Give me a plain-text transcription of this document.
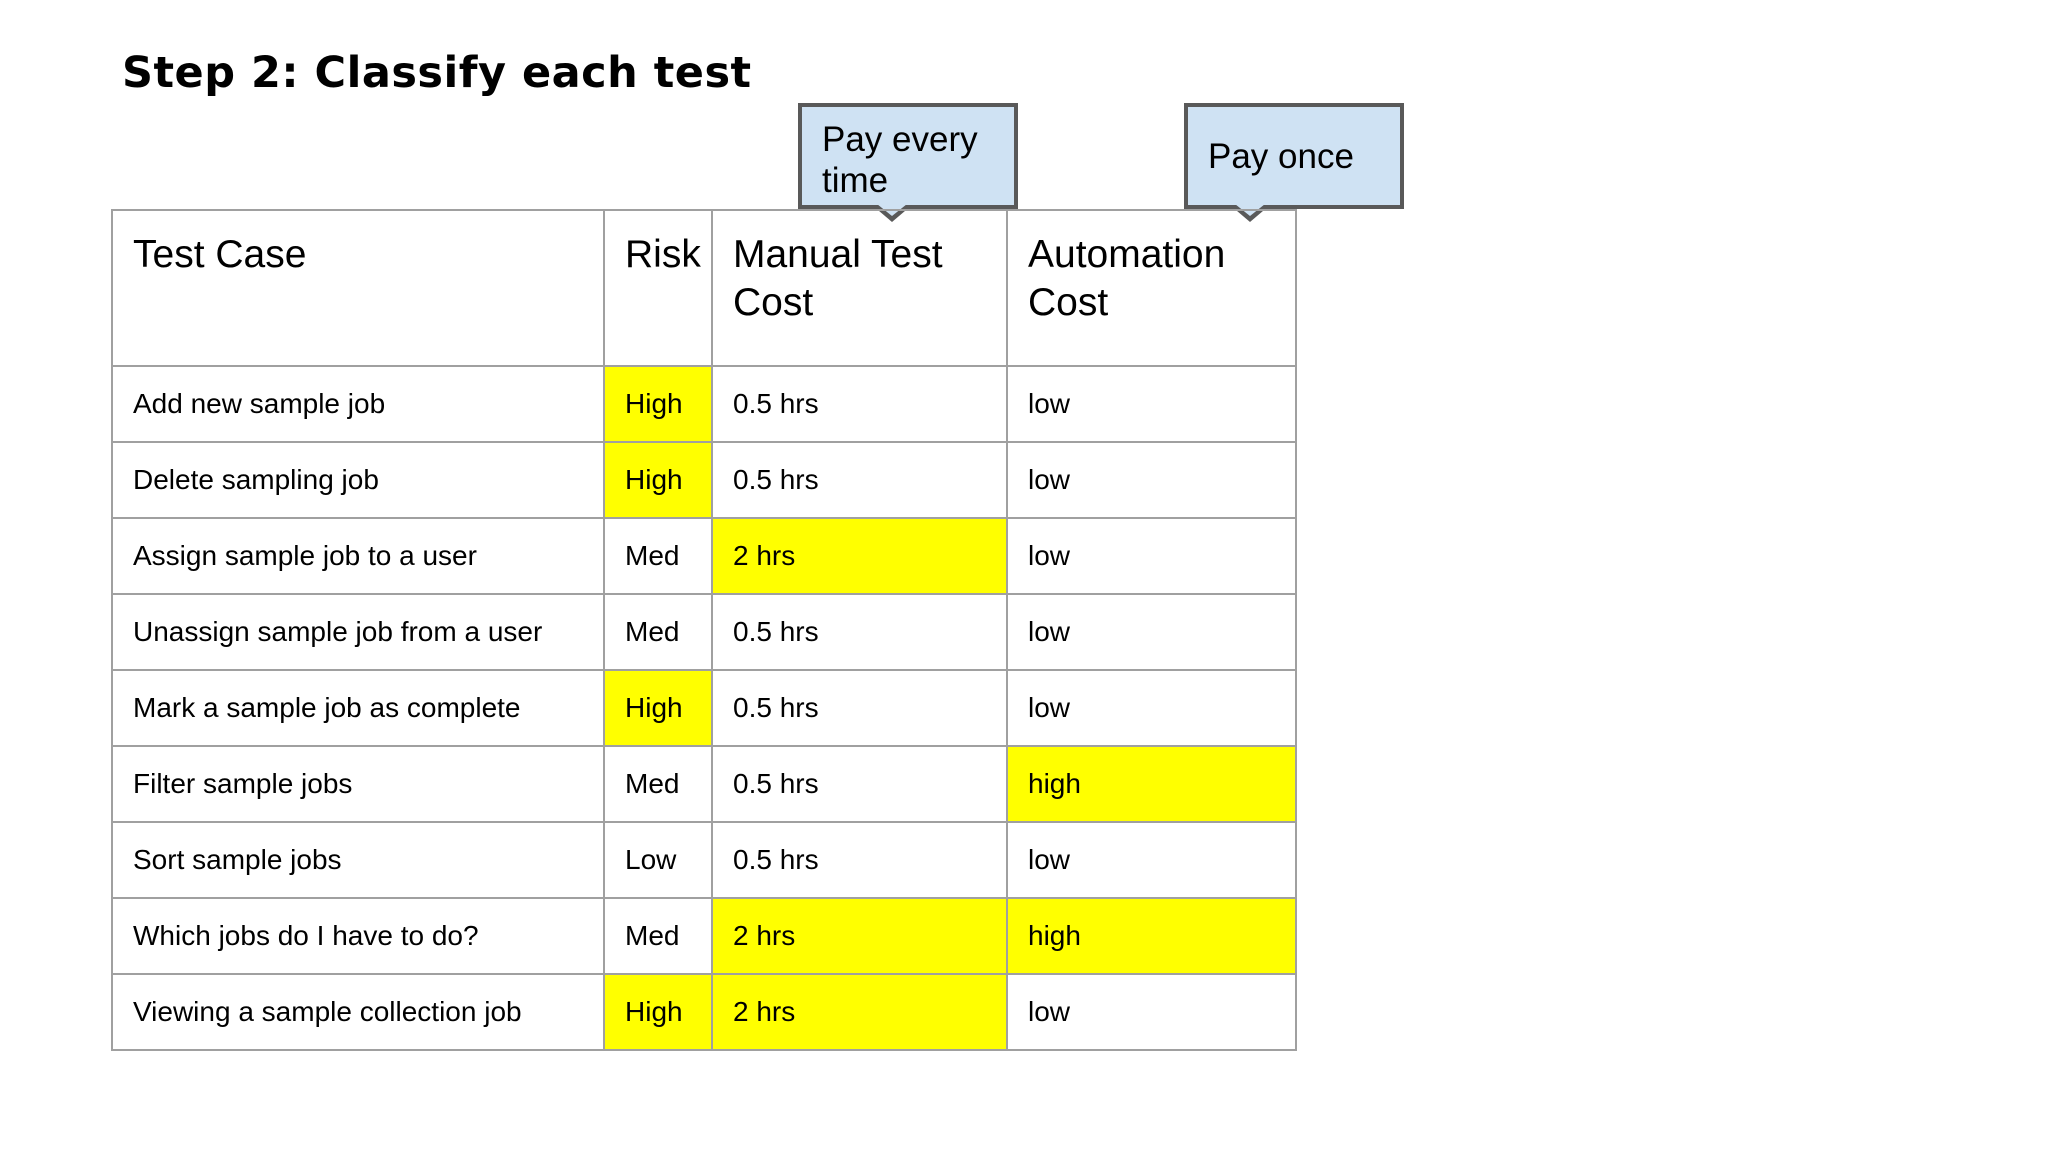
Step 2: Classify each test
Pay every time
Pay once
Test Case	Risk	Manual Test Cost	Automation Cost
Add new sample job	High	0.5 hrs	low
Delete sampling job	High	0.5 hrs	low
Assign sample job to a user	Med	2 hrs	low
Unassign sample job from a user	Med	0.5 hrs	low
Mark a sample job as complete	High	0.5 hrs	low
Filter sample jobs	Med	0.5 hrs	high
Sort sample jobs	Low	0.5 hrs	low
Which jobs do I have to do?	Med	2 hrs	high
Viewing a sample collection job	High	2 hrs	low
